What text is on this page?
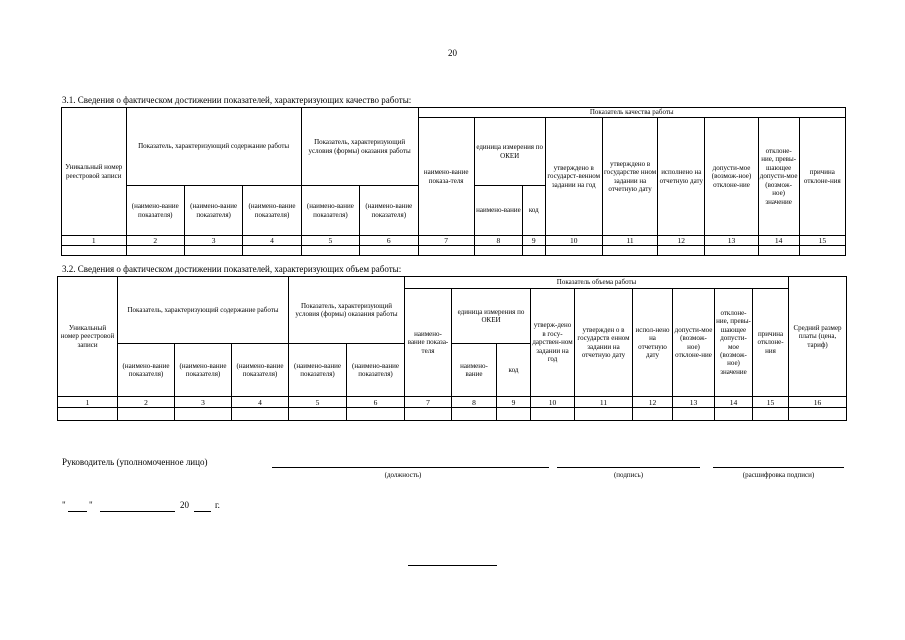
20
3.1. Сведения о фактическом достижении показателей, характеризующих качество работы:
Уникальный номер реестровой записи	Показатель, характеризующий содержание работы			Показатель, характеризующий условия (формы) оказания работы		Показатель качества работы								
						наимено-вание показа-теля	единица измерения по ОКЕИ		утверждено в государст-венном задании на год	утверждено в государстве нном задании на отчетную дату	исполнено на отчетную дату	допусти-мое (возмож-ное) отклоне-ние	отклоне-ние, превы-шающее допусти-мое (возмож-ное) значение	причина отклоне-ния
	(наимено-вание показателя)	(наимено-вание показателя)	(наимено-вание показателя)	(наимено-вание показателя)	(наимено-вание показателя)		наимено-вание	код						
1	2	3	4	5	6	7	8	9	10	11	12	13	14	15

3.2. Сведения о фактическом достижении показателей, характеризующих объем работы:
Уникальный номер реестровой записи	Показатель, характеризующий содержание работы			Показатель, характеризующий условия (формы) оказания работы		Показатель объема работы									Средний размер платы (цена, тариф)
						наимено-вание показа-теля	единица измерения по ОКЕИ		утверж-дено в госу-дарствен-ном задании на год	утвержден о в государств енном задании на отчетную дату	испол-нено на отчетную дату	допусти-мое (возмож-ное) отклоне-ние	отклоне-ние, превы-шающее допусти-мое (возмож-ное) значение	причина отклоне-ния	
	(наимено-вание показателя)	(наимено-вание показателя)	(наимено-вание показателя)	(наимено-вание показателя)	(наимено-вание показателя)		наимено-вание	код							
1	2	3	4	5	6	7	8	9	10	11	12	13	14	15	16

Руководитель (уполномоченное лицо)
(должность)	(подпись)	(расшифровка подписи)
"	"	20	г.
